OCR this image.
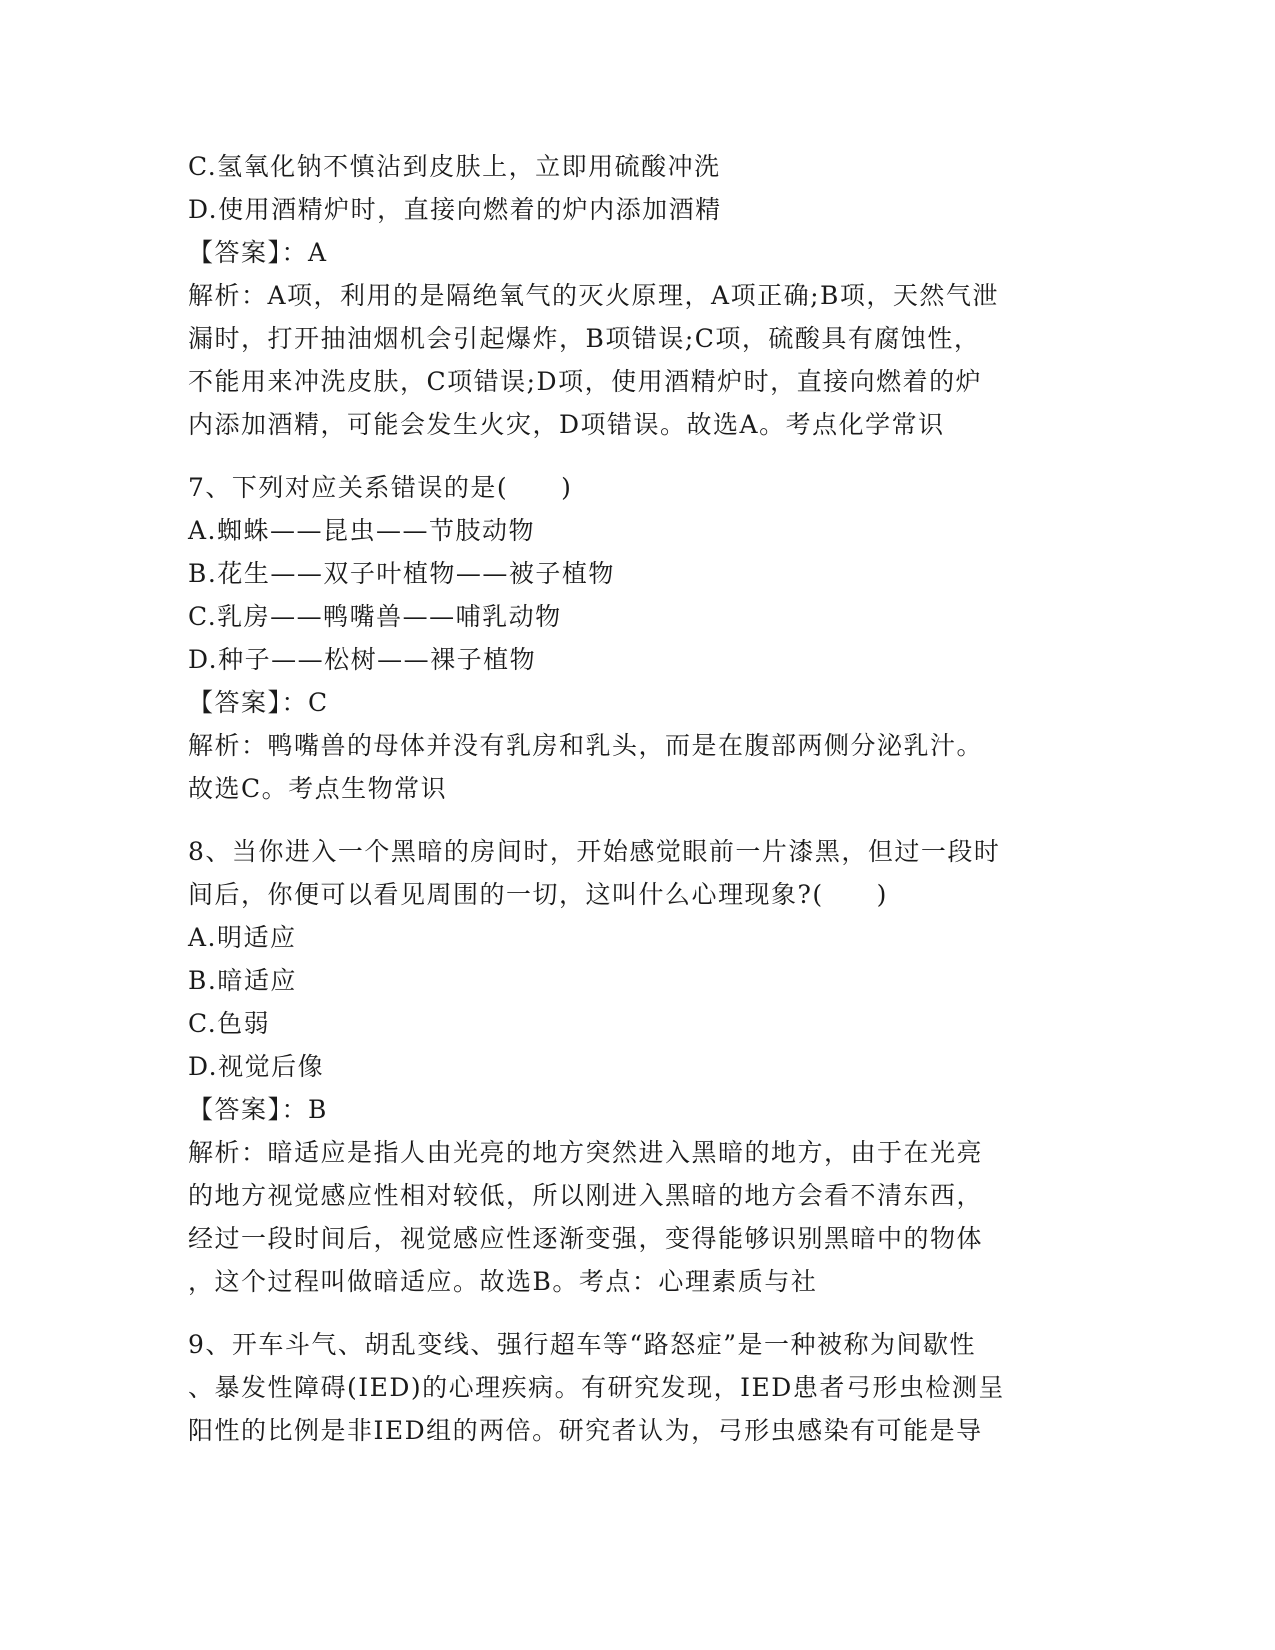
C.氢氧化钠不慎沾到皮肤上，立即用硫酸冲洗
D.使用酒精炉时，直接向燃着的炉内添加酒精
【答案】：A
解析：A项，利用的是隔绝氧气的灭火原理，A项正确;B项，天然气泄
漏时，打开抽油烟机会引起爆炸，B项错误;C项，硫酸具有腐蚀性，
不能用来冲洗皮肤，C项错误;D项，使用酒精炉时，直接向燃着的炉
内添加酒精，可能会发生火灾，D项错误。故选A。考点化学常识
7、下列对应关系错误的是(　　)
A.蜘蛛——昆虫——节肢动物
B.花生——双子叶植物——被子植物
C.乳房——鸭嘴兽——哺乳动物
D.种子——松树——裸子植物
【答案】：C
解析：鸭嘴兽的母体并没有乳房和乳头，而是在腹部两侧分泌乳汁。
故选C。考点生物常识
8、当你进入一个黑暗的房间时，开始感觉眼前一片漆黑，但过一段时
间后，你便可以看见周围的一切，这叫什么心理现象?(　　)
A.明适应
B.暗适应
C.色弱
D.视觉后像
【答案】：B
解析：暗适应是指人由光亮的地方突然进入黑暗的地方，由于在光亮
的地方视觉感应性相对较低，所以刚进入黑暗的地方会看不清东西，
经过一段时间后，视觉感应性逐渐变强，变得能够识别黑暗中的物体
，这个过程叫做暗适应。故选B。考点：心理素质与社
9、开车斗气、胡乱变线、强行超车等“路怒症”是一种被称为间歇性
、暴发性障碍(IED)的心理疾病。有研究发现，IED患者弓形虫检测呈
阳性的比例是非IED组的两倍。研究者认为，弓形虫感染有可能是导
